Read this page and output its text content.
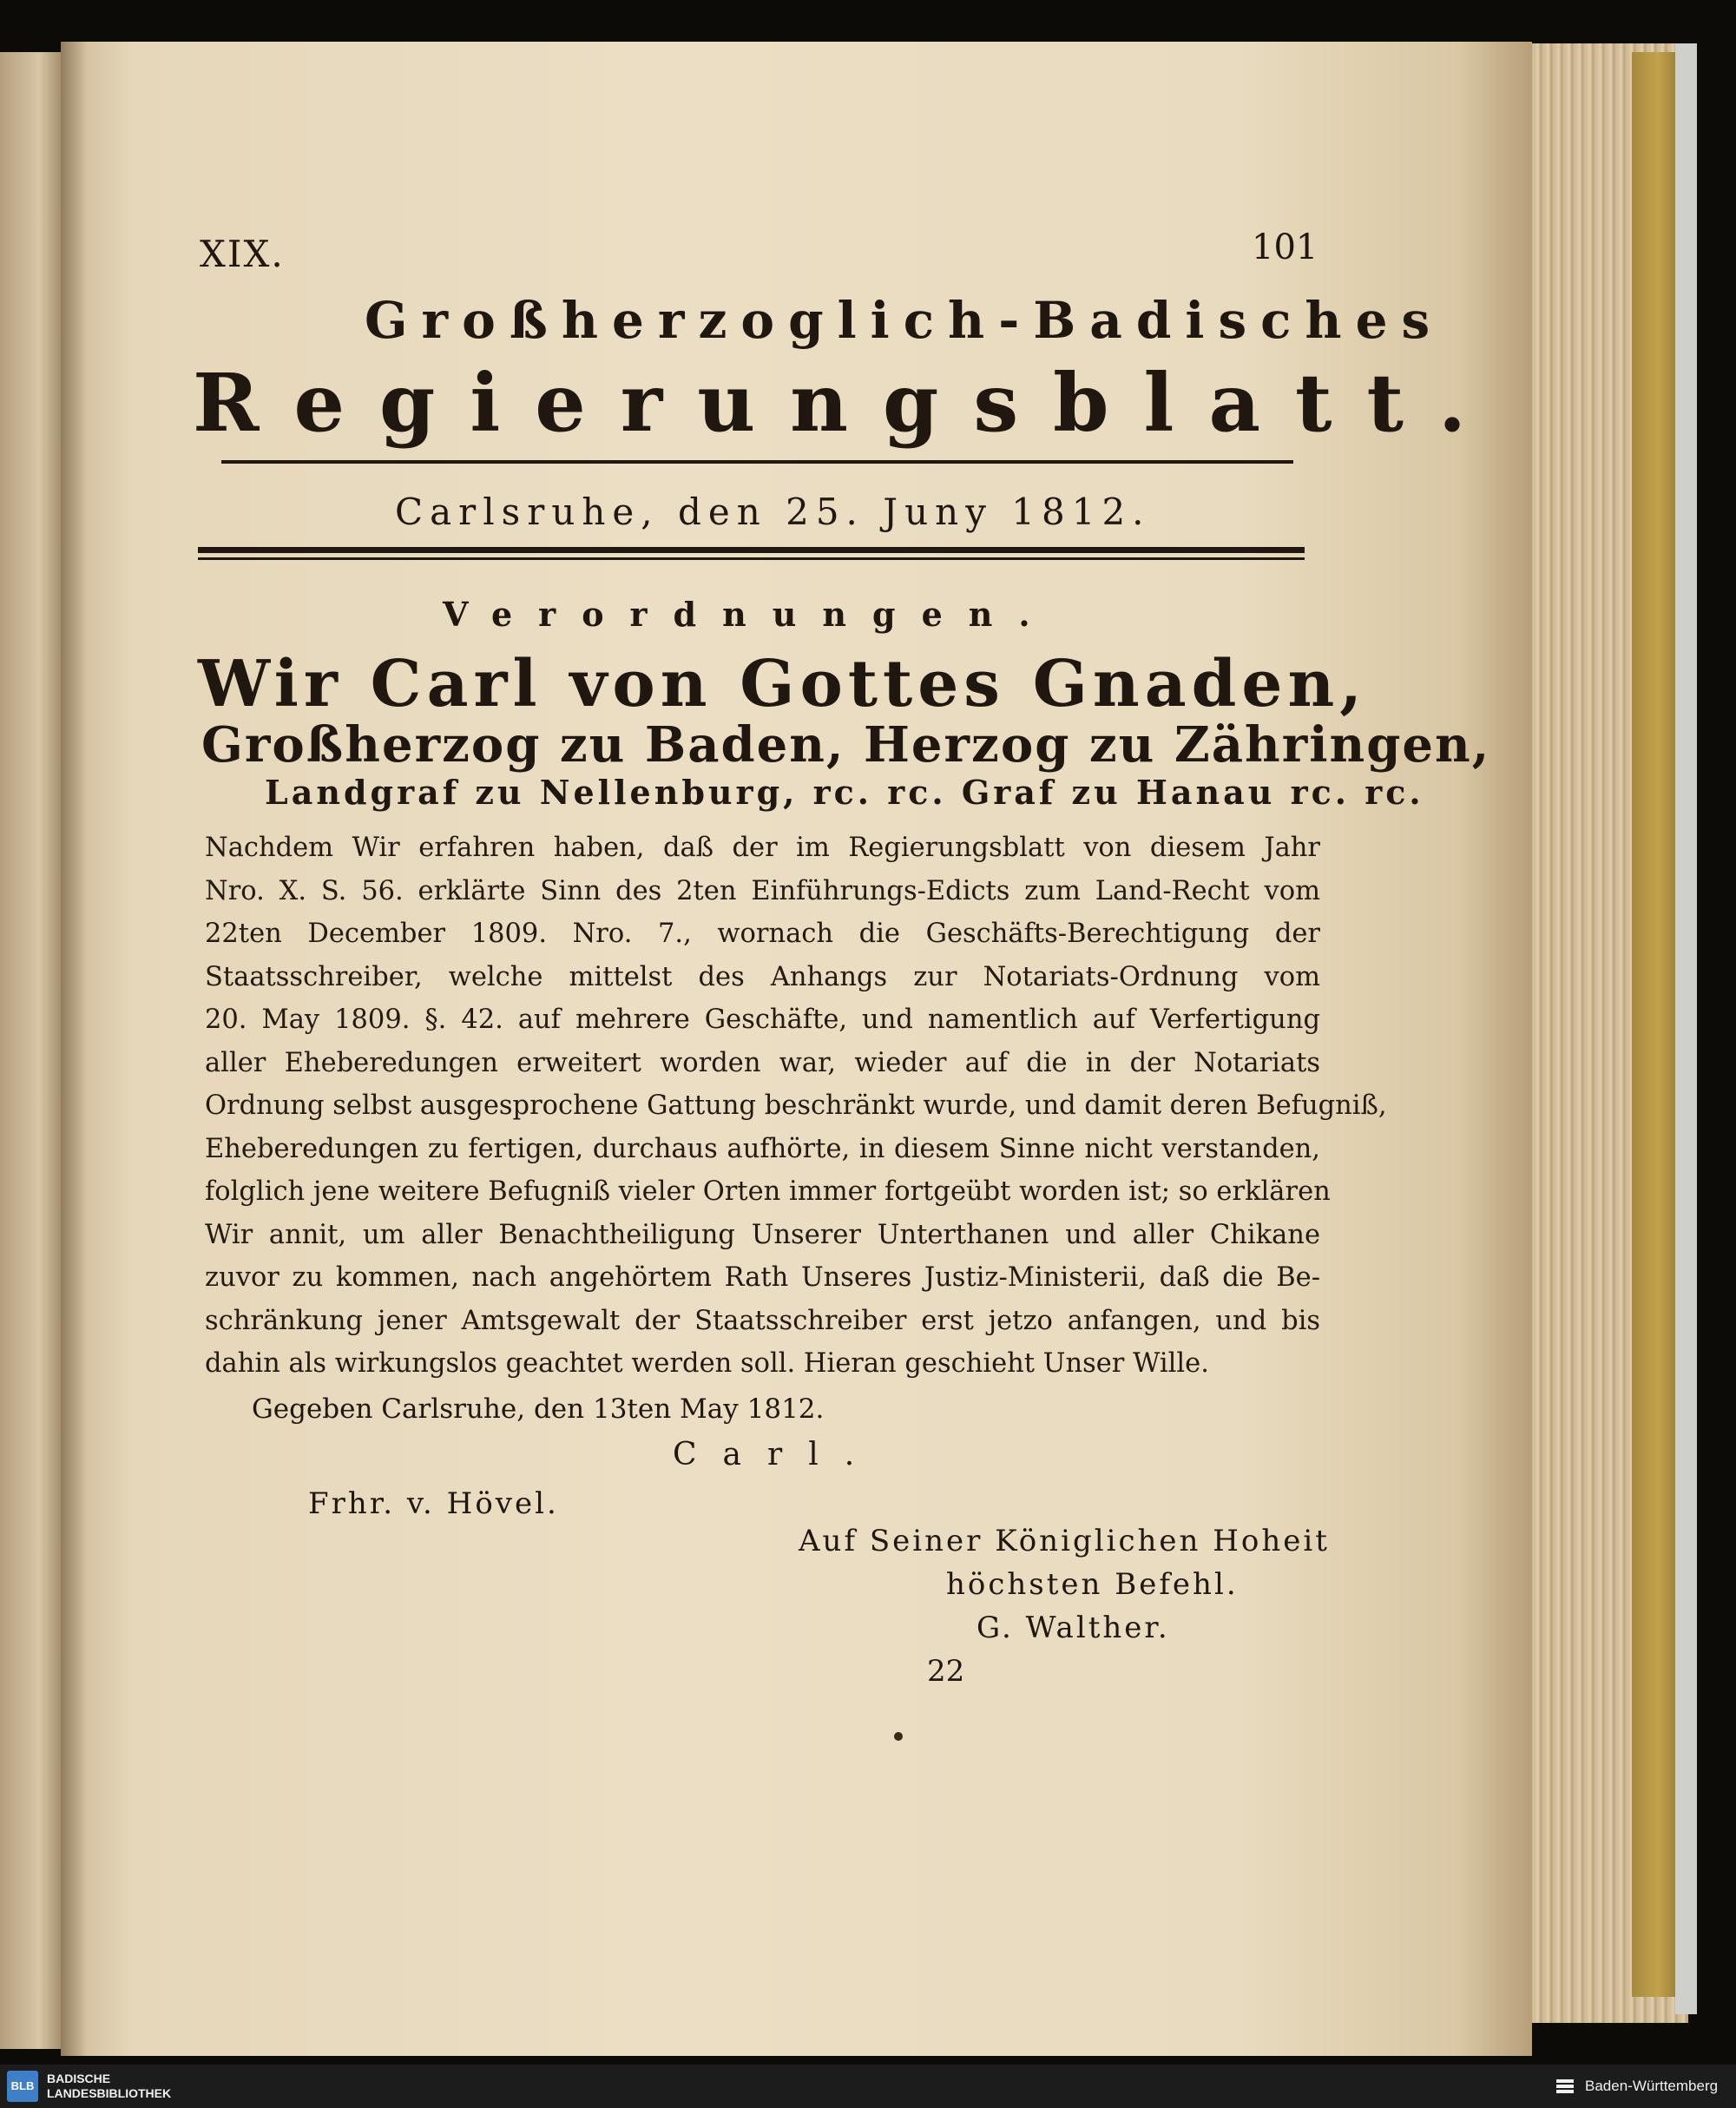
XIX.	101
Großherzoglich-Badisches
Regierungsblatt.
Carlsruhe, den 25. Juny 1812.
Verordnungen.
Wir Carl von Gottes Gnaden,
Großherzog zu Baden, Herzog zu Zähringen,
Landgraf zu Nellenburg, rc. rc. Graf zu Hanau rc. rc.
Nachdem Wir erfahren haben, daß der im Regierungsblatt von diesem Jahr
Nro. X. S. 56. erklärte Sinn des 2ten Einführungs-Edicts zum Land-Recht vom
22ten December 1809. Nro. 7., wornach die Geschäfts-Berechtigung der
Staatsschreiber, welche mittelst des Anhangs zur Notariats-Ordnung vom
20. May 1809. §. 42. auf mehrere Geschäfte, und namentlich auf Verfertigung
aller Eheberedungen erweitert worden war, wieder auf die in der Notariats
Ordnung selbst ausgesprochene Gattung beschränkt wurde, und damit deren Befugniß,
Eheberedungen zu fertigen, durchaus aufhörte, in diesem Sinne nicht verstanden,
folglich jene weitere Befugniß vieler Orten immer fortgeübt worden ist; so erklären
Wir annit, um aller Benachtheiligung Unserer Unterthanen und aller Chikane
zuvor zu kommen, nach angehörtem Rath Unseres Justiz-Ministerii, daß die Be-
schränkung jener Amtsgewalt der Staatsschreiber erst jetzo anfangen, und bis
dahin als wirkungslos geachtet werden soll. Hieran geschieht Unser Wille.
Gegeben Carlsruhe, den 13ten May 1812.
Carl.
Frhr. v. Hövel.
Auf Seiner Königlichen Hoheit
höchsten Befehl.
G. Walther.
22
BLB
BADISCHE
LANDESBIBLIOTHEK	Baden-Württemberg
